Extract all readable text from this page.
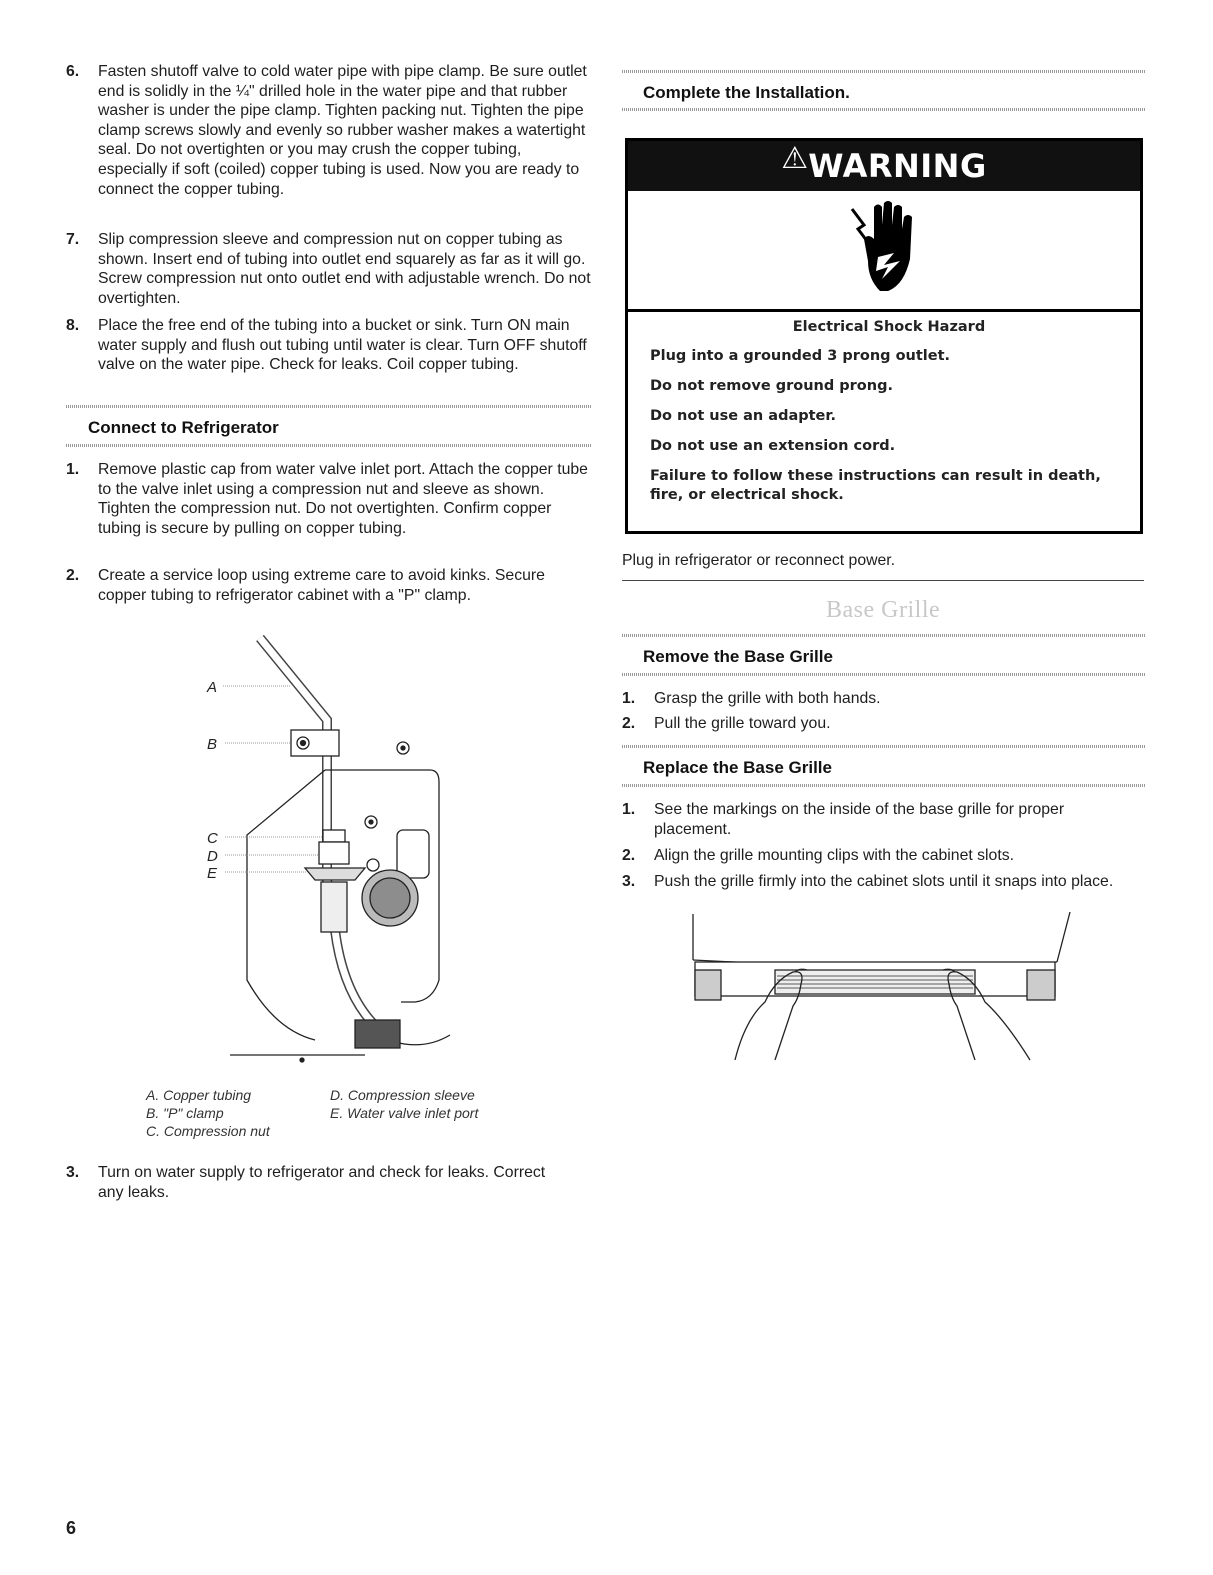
6. Fasten shutoff valve to cold water pipe with pipe clamp. Be sure outlet end is solidly in the ¼" drilled hole in the water pipe and that rubber washer is under the pipe clamp. Tighten packing nut. Tighten the pipe clamp screws slowly and evenly so rubber washer makes a watertight seal. Do not overtighten or you may crush the copper tubing, especially if soft (coiled) copper tubing is used. Now you are ready to connect the copper tubing.
7. Slip compression sleeve and compression nut on copper tubing as shown. Insert end of tubing into outlet end squarely as far as it will go. Screw compression nut onto outlet end with adjustable wrench. Do not overtighten.
8. Place the free end of the tubing into a bucket or sink. Turn ON main water supply and flush out tubing until water is clear. Turn OFF shutoff valve on the water pipe. Check for leaks. Coil copper tubing.
Connect to Refrigerator
1. Remove plastic cap from water valve inlet port. Attach the copper tube to the valve inlet using a compression nut and sleeve as shown. Tighten the compression nut. Do not overtighten. Confirm copper tubing is secure by pulling on copper tubing.
2. Create a service loop using extreme care to avoid kinks. Secure copper tubing to refrigerator cabinet with a "P" clamp.
A
B
C
D
E
A. Copper tubing
B. "P" clamp
C. Compression nut
D. Compression sleeve
E. Water valve inlet port
3. Turn on water supply to refrigerator and check for leaks. Correct any leaks.
Complete the Installation.
⚠WARNING
Electrical Shock Hazard

Plug into a grounded 3 prong outlet.

Do not remove ground prong.

Do not use an adapter.

Do not use an extension cord.

Failure to follow these instructions can result in death, fire, or electrical shock.

Plug in refrigerator or reconnect power.
Base Grille
Remove the Base Grille
1. Grasp the grille with both hands.
2. Pull the grille toward you.
Replace the Base Grille
1. See the markings on the inside of the base grille for proper placement.
2. Align the grille mounting clips with the cabinet slots.
3. Push the grille firmly into the cabinet slots until it snaps into place.
6
